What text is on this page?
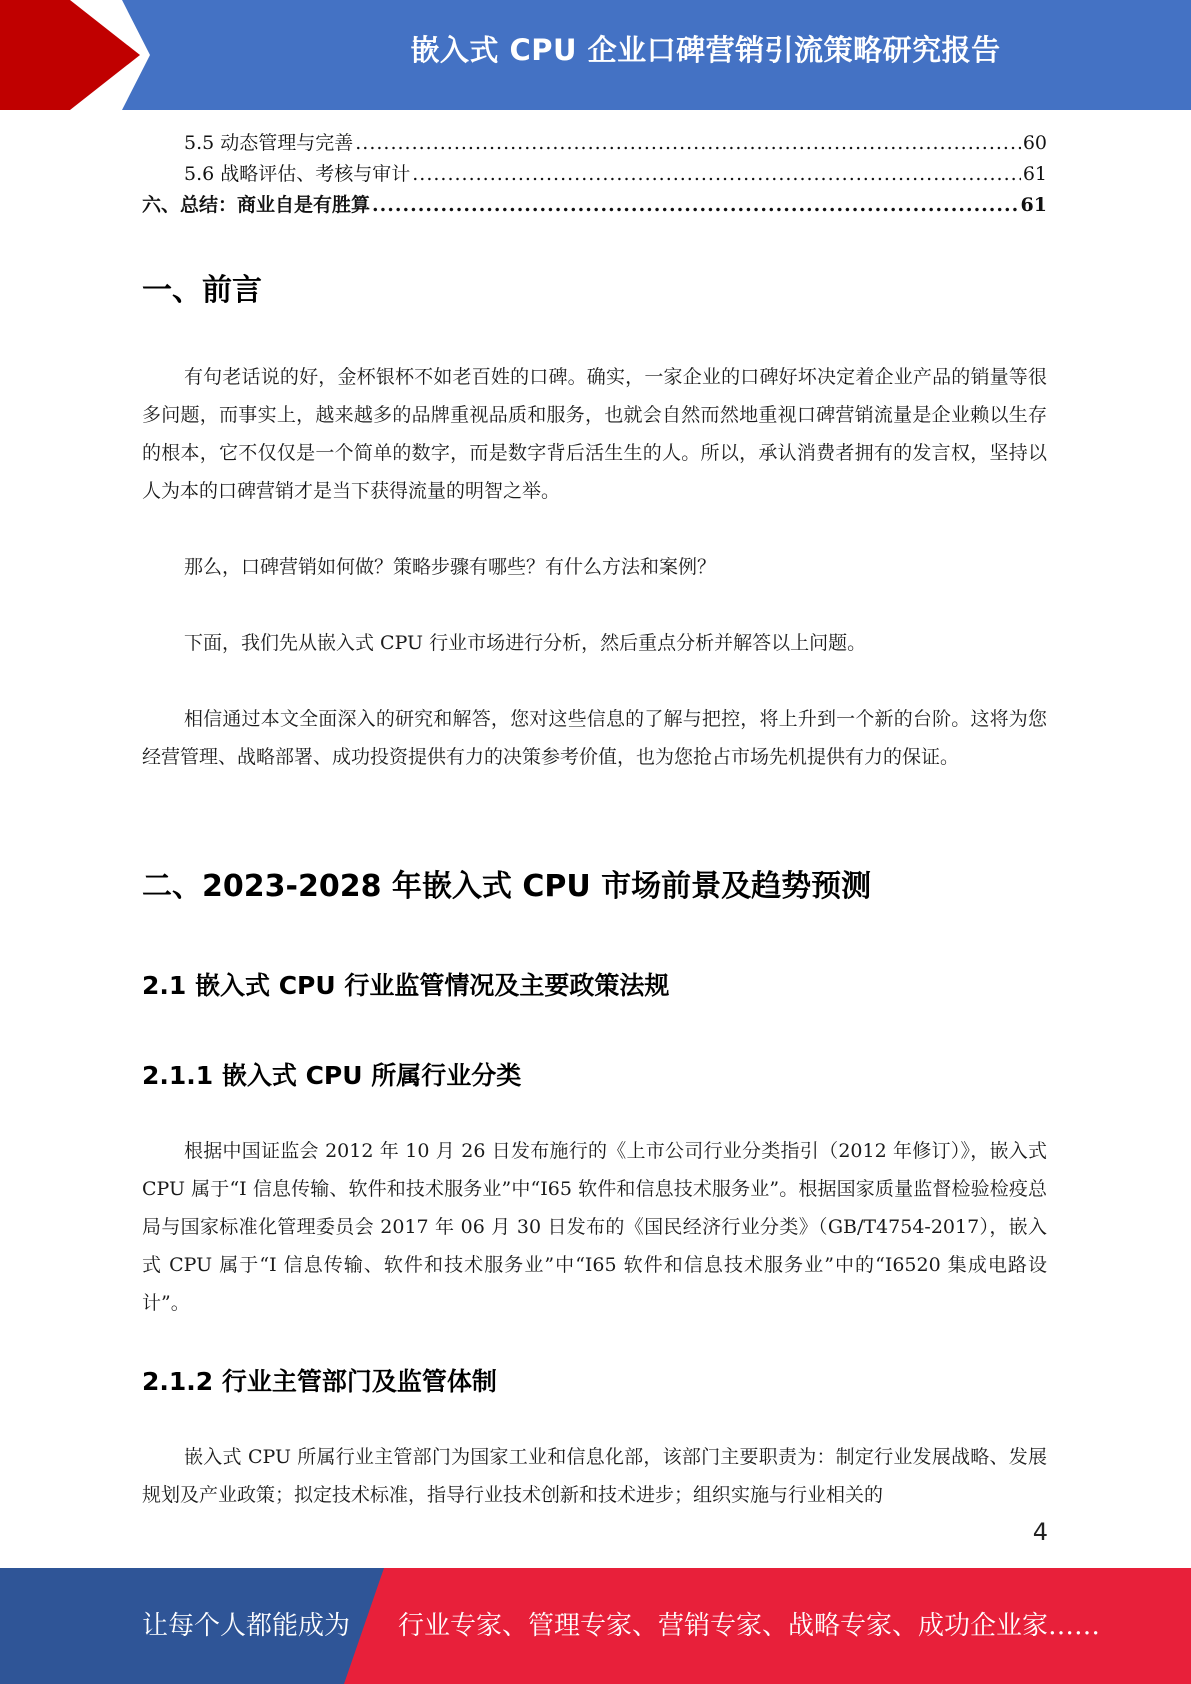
嵌入式 CPU 企业口碑营销引流策略研究报告
5.5 动态管理与完善 .....	60
5.6 战略评估、考核与审计 .....	61
六、总结：商业自是有胜算 .....	61
一、前言

有句老话说的好，金杯银杯不如老百姓的口碑。确实，一家企业的口碑好坏决定着企业产品的销量等很多问题，而事实上，越来越多的品牌重视品质和服务，也就会自然而然地重视口碑营销流量是企业赖以生存的根本，它不仅仅是一个简单的数字，而是数字背后活生生的人。所以，承认消费者拥有的发言权，坚持以人为本的口碑营销才是当下获得流量的明智之举。

那么，口碑营销如何做？策略步骤有哪些？有什么方法和案例？

下面，我们先从嵌入式 CPU 行业市场进行分析，然后重点分析并解答以上问题。

相信通过本文全面深入的研究和解答，您对这些信息的了解与把控，将上升到一个新的台阶。这将为您经营管理、战略部署、成功投资提供有力的决策参考价值，也为您抢占市场先机提供有力的保证。

二、2023-2028 年嵌入式 CPU 市场前景及趋势预测
2.1 嵌入式 CPU 行业监管情况及主要政策法规
2.1.1 嵌入式 CPU 所属行业分类

根据中国证监会 2012 年 10 月 26 日发布施行的《上市公司行业分类指引（2012 年修订）》，嵌入式 CPU 属于“I 信息传输、软件和技术服务业”中“I65 软件和信息技术服务业”。根据国家质量监督检验检疫总局与国家标准化管理委员会 2017 年 06 月 30 日发布的《国民经济行业分类》（GB/T4754-2017），嵌入式 CPU 属于“I 信息传输、软件和技术服务业”中“I65 软件和信息技术服务业”中的“I6520 集成电路设计”。

2.1.2 行业主管部门及监管体制

嵌入式 CPU 所属行业主管部门为国家工业和信息化部，该部门主要职责为：制定行业发展战略、发展规划及产业政策；拟定技术标准，指导行业技术创新和技术进步；组织实施与行业相关的

4
让每个人都能成为 行业专家、管理专家、营销专家、战略专家、成功企业家……
